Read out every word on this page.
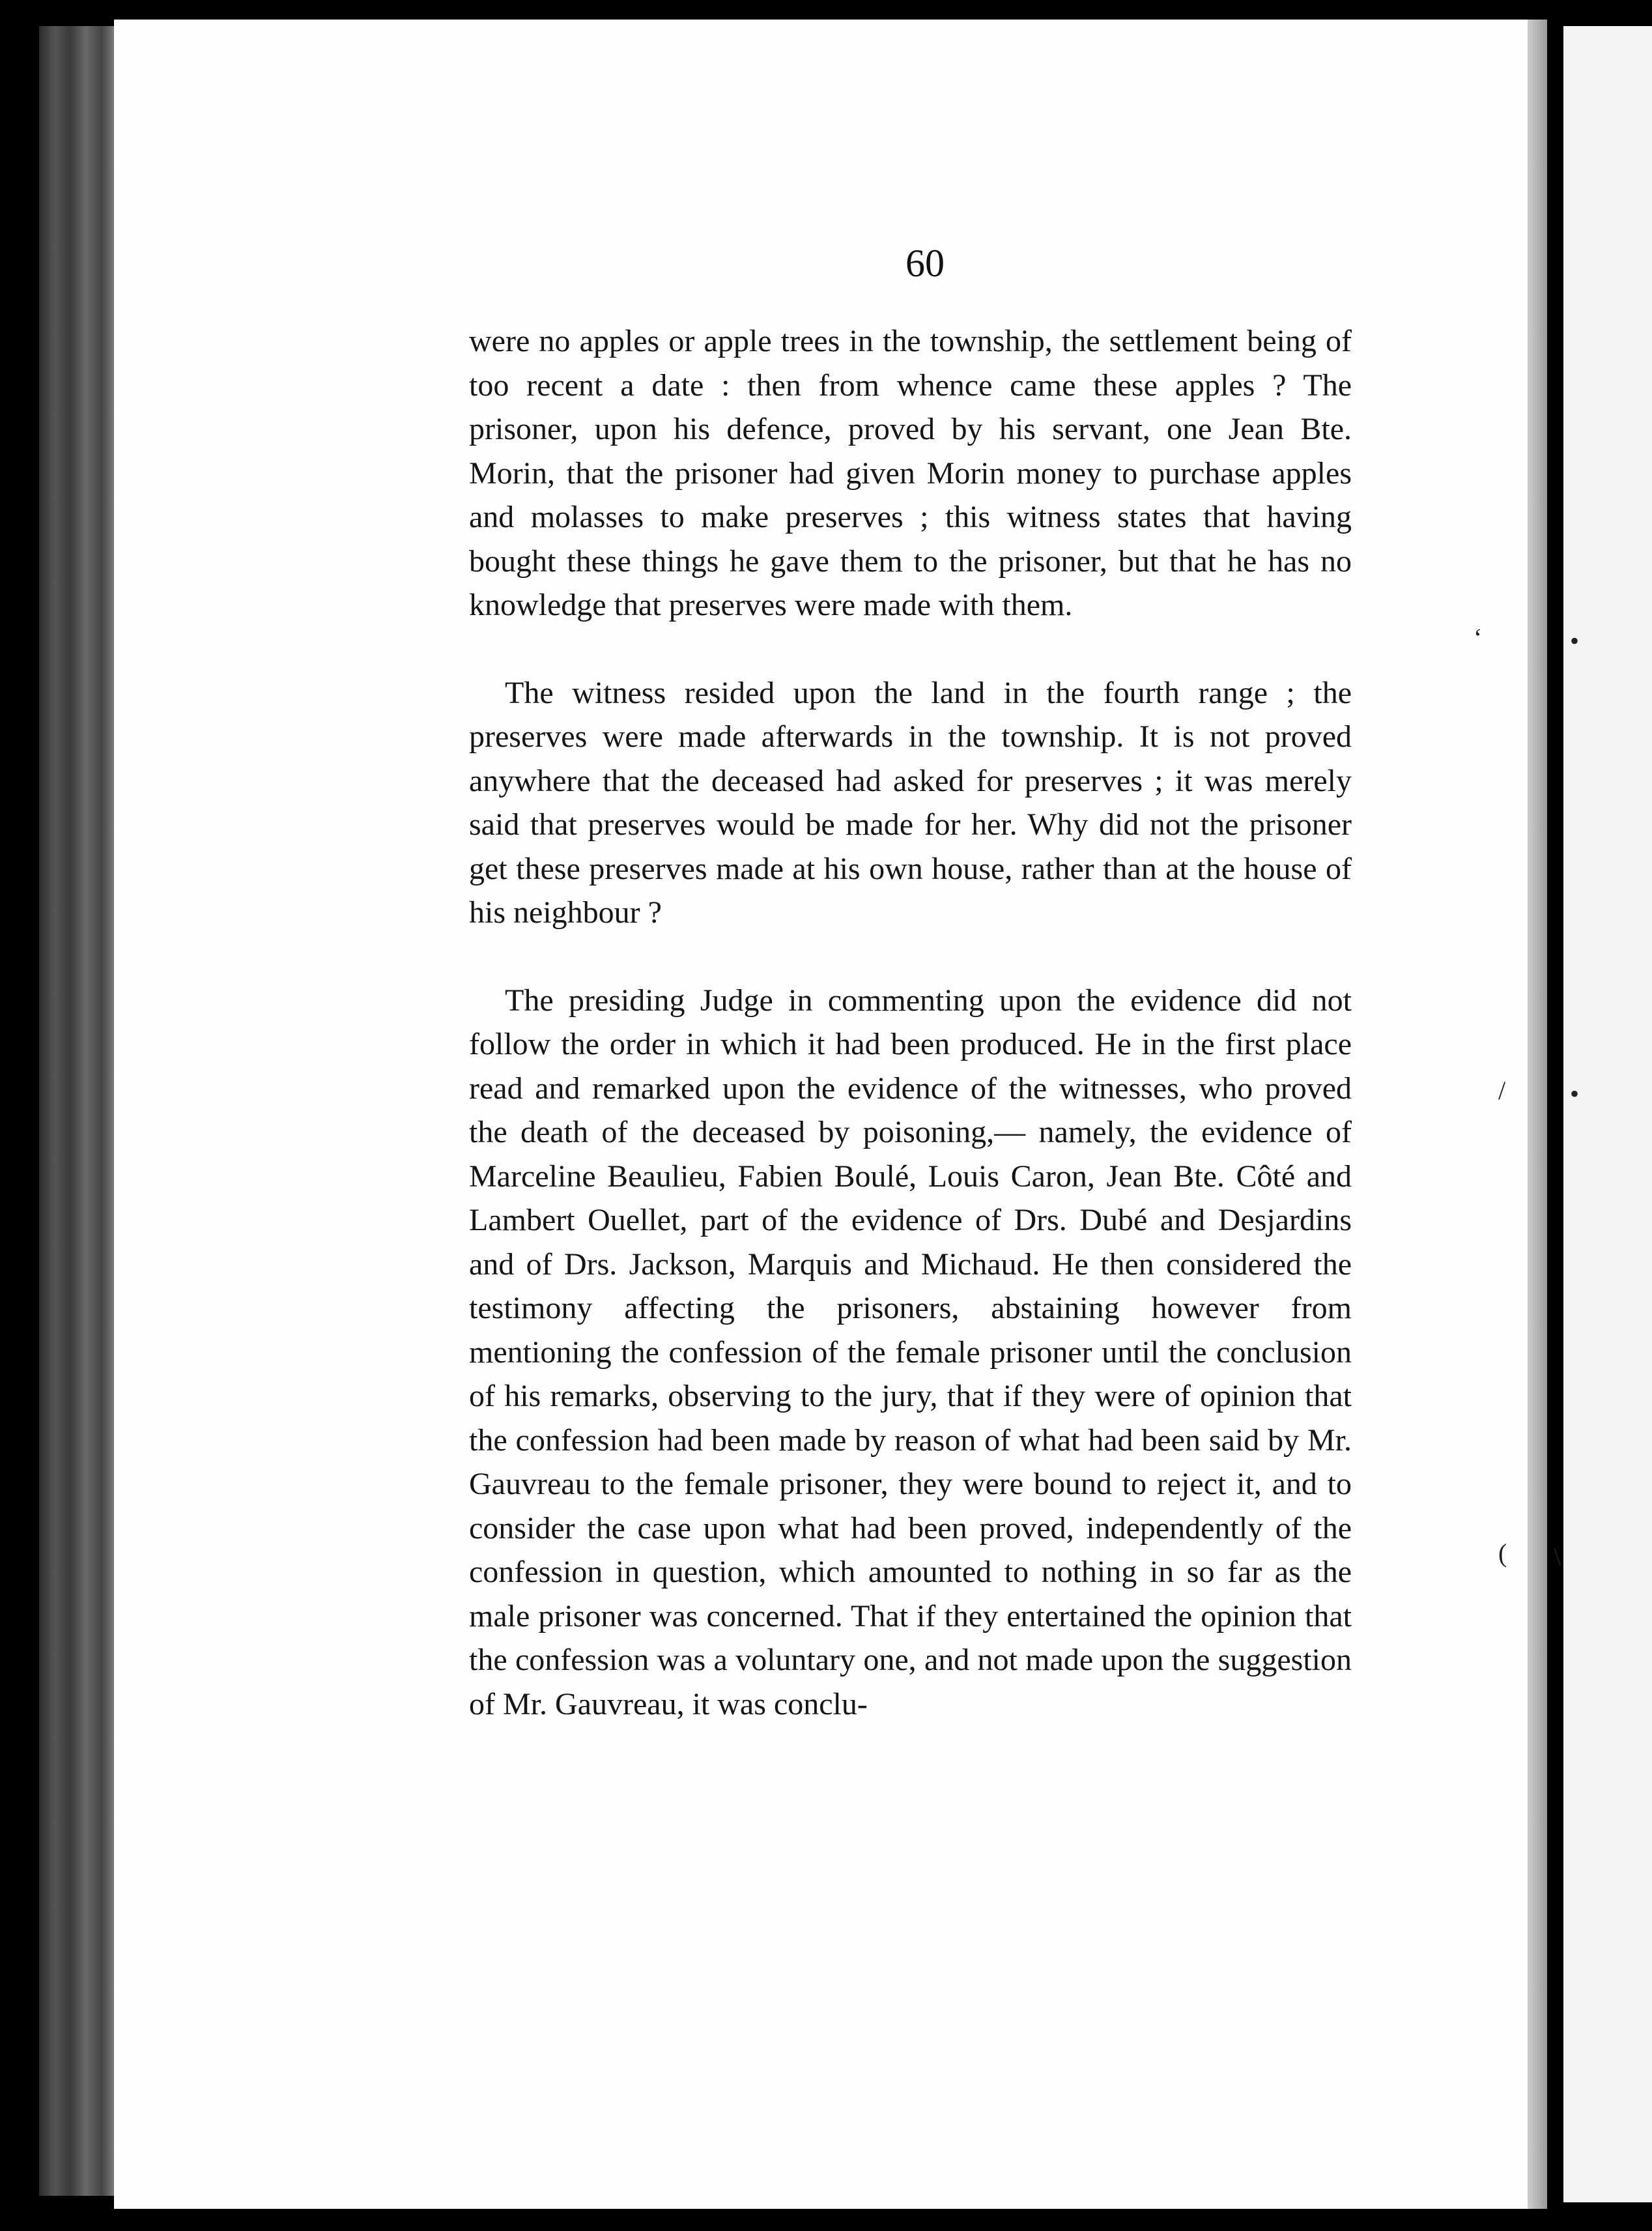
‘	•
/ •
( \
60

were no apples or apple trees in the township, the settlement being of too recent a date : then from whence came these apples ? The prisoner, upon his defence, proved by his servant, one Jean Bte. Morin, that the prisoner had given Morin money to purchase apples and molasses to make preserves ; this witness states that having bought these things he gave them to the prisoner, but that he has no knowledge that preserves were made with them.

The witness resided upon the land in the fourth range ; the preserves were made afterwards in the township. It is not proved anywhere that the deceased had asked for preserves ; it was merely said that preserves would be made for her. Why did not the prisoner get these preserves made at his own house, rather than at the house of his neighbour ?

The presiding Judge in commenting upon the evidence did not follow the order in which it had been produced. He in the first place read and remarked upon the evidence of the witnesses, who proved the death of the deceased by poisoning,— namely, the evidence of Marceline Beaulieu, Fabien Boulé, Louis Caron, Jean Bte. Côté and Lambert Ouellet, part of the evidence of Drs. Dubé and Desjardins and of Drs. Jackson, Marquis and Michaud. He then considered the testimony affecting the prisoners, abstaining however from mentioning the confession of the female prisoner until the conclusion of his remarks, observing to the jury, that if they were of opinion that the confession had been made by reason of what had been said by Mr. Gauvreau to the female prisoner, they were bound to reject it, and to consider the case upon what had been proved, independently of the confession in question, which amounted to nothing in so far as the male prisoner was concerned. That if they entertained the opinion that the confession was a voluntary one, and not made upon the suggestion of Mr. Gauvreau, it was conclu-
